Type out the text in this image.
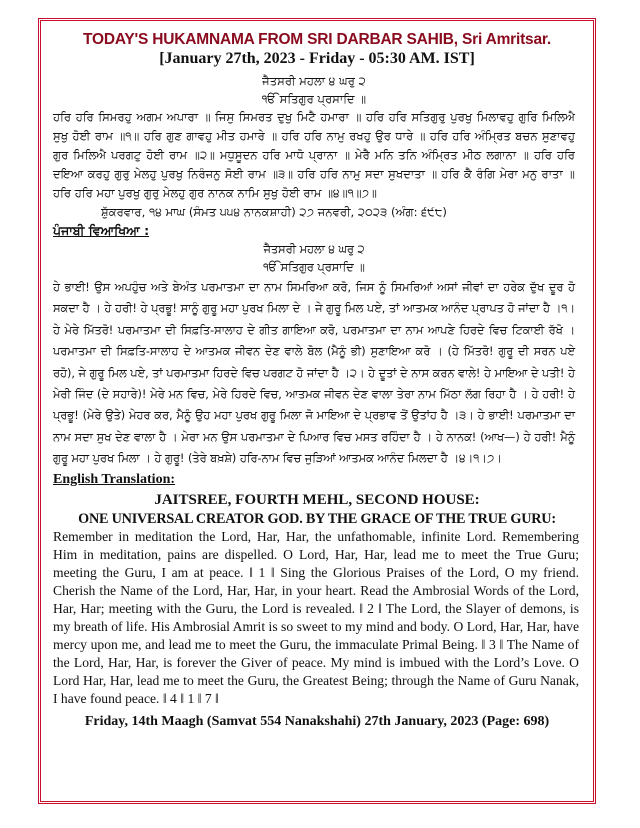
TODAY'S HUKAMNAMA FROM SRI DARBAR SAHIB, Sri Amritsar.
[January 27th, 2023 - Friday - 05:30 AM. IST]
ਜੈਤਸਰੀ ਮਹਲਾ ੪ ਘਰੁ ੨
ੴ ਸਤਿਗੁਰ ਪ੍ਰਸਾਦਿ ॥
ਹਰਿ ਹਰਿ ਸਿਮਰਹੁ ਅਗਮ ਅਪਾਰਾ ॥ ਜਿਸੁ ਸਿਮਰਤ ਦੁਖੁ ਮਿਟੈ ਹਮਾਰਾ ॥ ਹਰਿ ਹਰਿ ਸਤਿਗੁਰੁ ਪੁਰਖੁ ਮਿਲਾਵਹੁ ਗੁਰਿ ਮਿਲਿਐ ਸੁਖੁ ਹੋਈ ਰਾਮ ॥੧॥ ਹਰਿ ਗੁਣ ਗਾਵਹੁ ਮੀਤ ਹਮਾਰੇ ॥ ਹਰਿ ਹਰਿ ਨਾਮੁ ਰਖਹੁ ਉਰ ਧਾਰੇ ॥ ਹਰਿ ਹਰਿ ਅੰਮ੍ਰਿਤ ਬਚਨ ਸੁਣਾਵਹੁ ਗੁਰ ਮਿਲਿਐ ਪਰਗਟੁ ਹੋਈ ਰਾਮ ॥੨॥ ਮਧੁਸੂਦਨ ਹਰਿ ਮਾਧੋ ਪ੍ਰਾਨਾ ॥ ਮੇਰੈ ਮਨਿ ਤਨਿ ਅੰਮ੍ਰਿਤ ਮੀਠ ਲਗਾਨਾ ॥ ਹਰਿ ਹਰਿ ਦਇਆ ਕਰਹੁ ਗੁਰੁ ਮੇਲਹੁ ਪੁਰਖੁ ਨਿਰੰਜਨੁ ਸੋਈ ਰਾਮ ॥੩॥ ਹਰਿ ਹਰਿ ਨਾਮੁ ਸਦਾ ਸੁਖਦਾਤਾ ॥ ਹਰਿ ਕੈ ਰੰਗਿ ਮੇਰਾ ਮਨੁ ਰਾਤਾ ॥ ਹਰਿ ਹਰਿ ਮਹਾ ਪੁਰਖੁ ਗੁਰੁ ਮੇਲਹੁ ਗੁਰ ਨਾਨਕ ਨਾਮਿ ਸੁਖੁ ਹੋਈ ਰਾਮ ॥੪॥੧॥੭॥
ਸ਼ੁੱਕਰਵਾਰ, ੧੪ ਮਾਘ (ਸੰਮਤ ੫੫੪ ਨਾਨਕਸ਼ਾਹੀ) ੨੭ ਜਨਵਰੀ, ੨੦੨੩ (ਅੰਗ: ੬੯੮)
ਪੰਜਾਬੀ ਵਿਆਖਿਆ :
ਜੈਤਸਰੀ ਮਹਲਾ ੪ ਘਰੁ ੨
ੴ ਸਤਿਗੁਰ ਪ੍ਰਸਾਦਿ ॥
ਹੇ ਭਾਈ! ਉਸ ਅਪਹੁੰਚ ਅਤੇ ਬੇਅੰਤ ਪਰਮਾਤਮਾ ਦਾ ਨਾਮ ਸਿਮਰਿਆ ਕਰੋ, ਜਿਸ ਨੂੰ ਸਿਮਰਿਆਂ ਅਸਾਂ ਜੀਵਾਂ ਦਾ ਹਰੇਕ ਦੁੱਖ ਦੂਰ ਹੋ ਸਕਦਾ ਹੈ । ਹੇ ਹਰੀ! ਹੇ ਪ੍ਰਭੂ! ਸਾਨੂੰ ਗੁਰੂ ਮਹਾ ਪੁਰਖ ਮਿਲਾ ਦੇ । ਜੇ ਗੁਰੂ ਮਿਲ ਪਏ, ਤਾਂ ਆਤਮਕ ਆਨੰਦ ਪ੍ਰਾਪਤ ਹੋ ਜਾਂਦਾ ਹੈ ।੧। ਹੇ ਮੇਰੇ ਮਿੱਤਰੋ! ਪਰਮਾਤਮਾ ਦੀ ਸਿਫ਼ਤਿ-ਸਾਲਾਹ ਦੇ ਗੀਤ ਗਾਇਆ ਕਰੋ, ਪਰਮਾਤਮਾ ਦਾ ਨਾਮ ਆਪਣੇ ਹਿਰਦੇ ਵਿਚ ਟਿਕਾਈ ਰੱਖੋ । ਪਰਮਾਤਮਾ ਦੀ ਸਿਫ਼ਤਿ-ਸਾਲਾਹ ਦੇ ਆਤਮਕ ਜੀਵਨ ਦੇਣ ਵਾਲੇ ਬੋਲ (ਮੈਨੂੰ ਭੀ) ਸੁਣਾਇਆ ਕਰੋ । (ਹੇ ਮਿੱਤਰੋ! ਗੁਰੂ ਦੀ ਸਰਨ ਪਏ ਰਹੋ), ਜੇ ਗੁਰੂ ਮਿਲ ਪਏ, ਤਾਂ ਪਰਮਾਤਮਾ ਹਿਰਦੇ ਵਿਚ ਪਰਗਟ ਹੋ ਜਾਂਦਾ ਹੈ ।੨। ਹੇ ਦੂਤਾਂ ਦੇ ਨਾਸ ਕਰਨ ਵਾਲੇ! ਹੇ ਮਾਇਆ ਦੇ ਪਤੀ! ਹੇ ਮੇਰੀ ਜਿੰਦ (ਦੇ ਸਹਾਰੇ)! ਮੇਰੇ ਮਨ ਵਿਚ, ਮੇਰੇ ਹਿਰਦੇ ਵਿਚ, ਆਤਮਕ ਜੀਵਨ ਦੇਣ ਵਾਲਾ ਤੇਰਾ ਨਾਮ ਮਿੱਠਾ ਲੱਗ ਰਿਹਾ ਹੈ । ਹੇ ਹਰੀ! ਹੇ ਪ੍ਰਭੂ! (ਮੇਰੇ ਉਤੇ) ਮੇਹਰ ਕਰ, ਮੈਨੂੰ ਉਹ ਮਹਾ ਪੁਰਖ ਗੁਰੂ ਮਿਲਾ ਜੋ ਮਾਇਆ ਦੇ ਪ੍ਰਭਾਵ ਤੋਂ ਉਤਾਂਹ ਹੈ ।੩। ਹੇ ਭਾਈ! ਪਰਮਾਤਮਾ ਦਾ ਨਾਮ ਸਦਾ ਸੁਖ ਦੇਣ ਵਾਲਾ ਹੈ । ਮੇਰਾ ਮਨ ਉਸ ਪਰਮਾਤਮਾ ਦੇ ਪਿਆਰ ਵਿਚ ਮਸਤ ਰਹਿੰਦਾ ਹੈ । ਹੇ ਨਾਨਕ! (ਆਖ—) ਹੇ ਹਰੀ! ਮੈਨੂੰ ਗੁਰੂ ਮਹਾ ਪੁਰਖ ਮਿਲਾ । ਹੇ ਗੁਰੂ! (ਤੇਰੇ ਬਖ਼ਸ਼ੇ) ਹਰਿ-ਨਾਮ ਵਿਚ ਜੁੜਿਆਂ ਆਤਮਕ ਆਨੰਦ ਮਿਲਦਾ ਹੈ ।੪।੧।੭।
English Translation:
JAITSREE, FOURTH MEHL, SECOND HOUSE:
ONE UNIVERSAL CREATOR GOD. BY THE GRACE OF THE TRUE GURU:
Remember in meditation the Lord, Har, Har, the unfathomable, infinite Lord. Remembering Him in meditation, pains are dispelled. O Lord, Har, Har, lead me to meet the True Guru; meeting the Guru, I am at peace. ‖ 1 ‖ Sing the Glorious Praises of the Lord, O my friend. Cherish the Name of the Lord, Har, Har, in your heart. Read the Ambrosial Words of the Lord, Har, Har; meeting with the Guru, the Lord is revealed. ‖ 2 ‖ The Lord, the Slayer of demons, is my breath of life. His Ambrosial Amrit is so sweet to my mind and body. O Lord, Har, Har, have mercy upon me, and lead me to meet the Guru, the immaculate Primal Being. ‖ 3 ‖ The Name of the Lord, Har, Har, is forever the Giver of peace. My mind is imbued with the Lord’s Love. O Lord Har, Har, lead me to meet the Guru, the Greatest Being; through the Name of Guru Nanak, I have found peace. ‖ 4 ‖ 1 ‖ 7 ‖
Friday, 14th Maagh (Samvat 554 Nanakshahi) 27th January, 2023 (Page: 698)
